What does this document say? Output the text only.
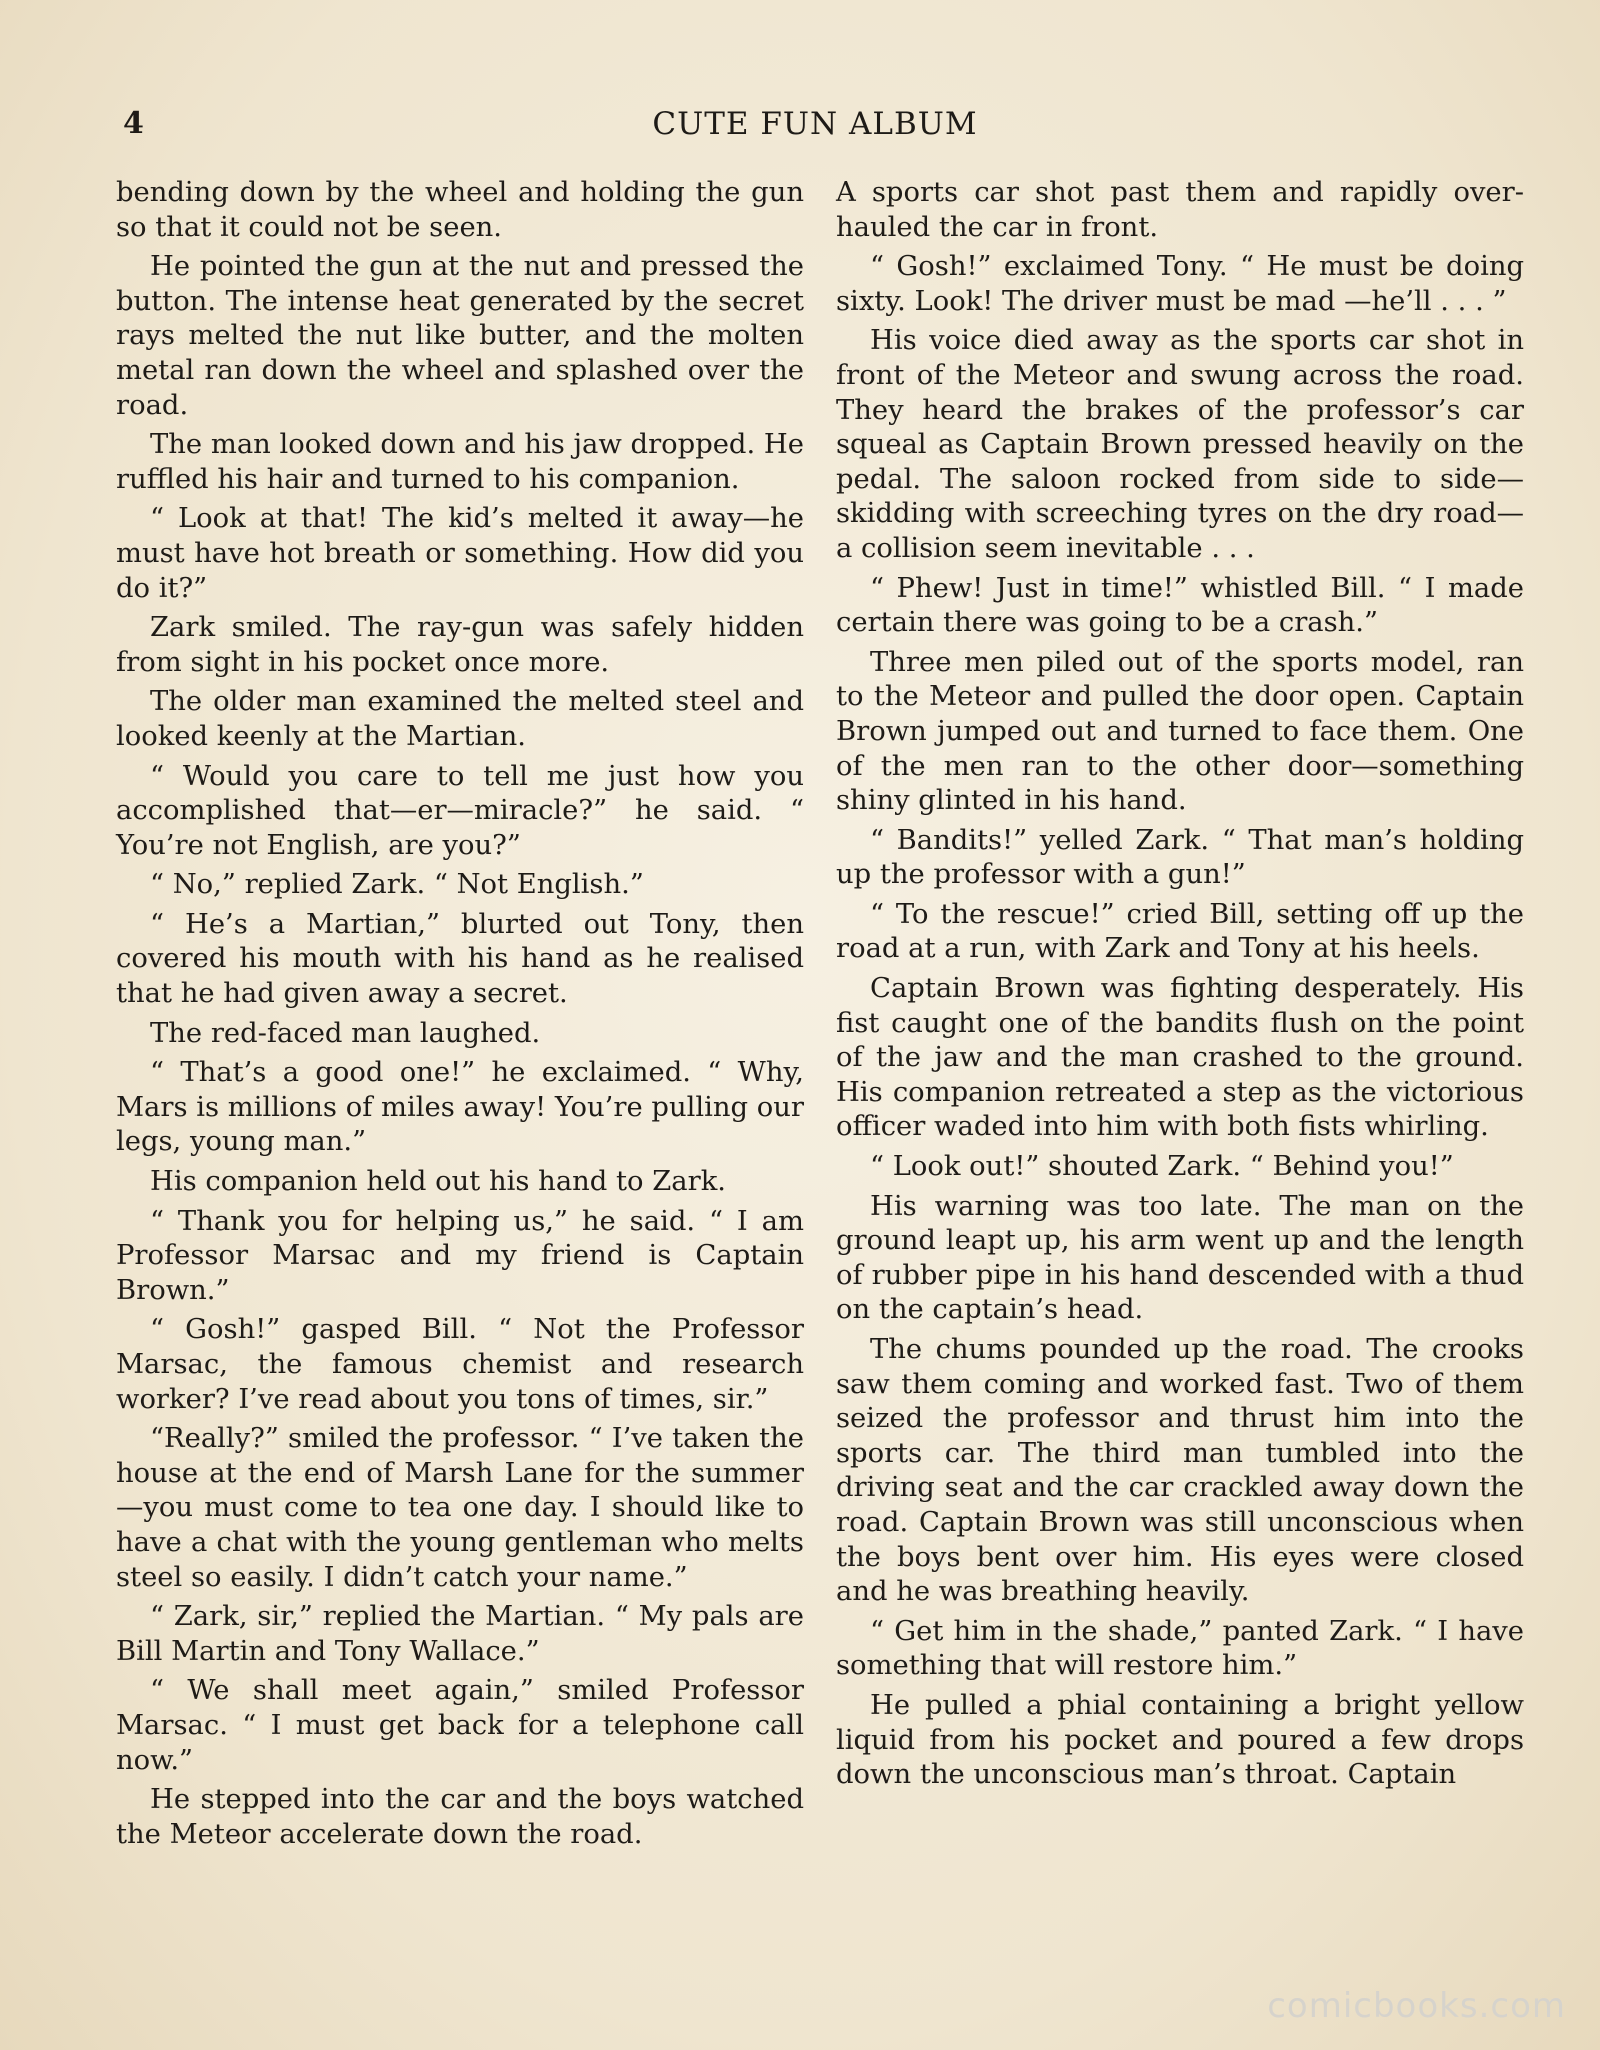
4	CUTE FUN ALBUM

bending down by the wheel and holding the gun so that it could not be seen.

He pointed the gun at the nut and pressed the button. The intense heat generated by the secret rays melted the nut like butter, and the molten metal ran down the wheel and splashed over the road.

The man looked down and his jaw dropped. He ruffled his hair and turned to his companion.

“ Look at that! The kid’s melted it away—he must have hot breath or something. How did you do it?”

Zark smiled. The ray-gun was safely hidden from sight in his pocket once more.

The older man examined the melted steel and looked keenly at the Martian.

“ Would you care to tell me just how you accomplished that—er—miracle?” he said. “ You’re not English, are you?”

“ No,” replied Zark. “ Not English.”

“ He’s a Martian,” blurted out Tony, then covered his mouth with his hand as he realised that he had given away a secret.

The red-faced man laughed.

“ That’s a good one!” he exclaimed. “ Why, Mars is millions of miles away! You’re pulling our legs, young man.”

His companion held out his hand to Zark.

“ Thank you for helping us,” he said. “ I am Professor Marsac and my friend is Captain Brown.”

“ Gosh!” gasped Bill. “ Not the Professor Marsac, the famous chemist and research worker? I’ve read about you tons of times, sir.”

“Really?” smiled the professor. “ I’ve taken the house at the end of Marsh Lane for the summer—you must come to tea one day. I should like to have a chat with the young gentleman who melts steel so easily. I didn’t catch your name.”

“ Zark, sir,” replied the Martian. “ My pals are Bill Martin and Tony Wallace.”

“ We shall meet again,” smiled Professor Marsac. “ I must get back for a telephone call now.”

He stepped into the car and the boys watched the Meteor accelerate down the road.

A sports car shot past them and rapidly overhauled the car in front.

“ Gosh!” exclaimed Tony. “ He must be doing sixty. Look! The driver must be mad —he’ll . . . ”

His voice died away as the sports car shot in front of the Meteor and swung across the road. They heard the brakes of the professor’s car squeal as Captain Brown pressed heavily on the pedal. The saloon rocked from side to side—skidding with screeching tyres on the dry road—a collision seem inevitable . . .

“ Phew! Just in time!” whistled Bill. “ I made certain there was going to be a crash.”

Three men piled out of the sports model, ran to the Meteor and pulled the door open. Captain Brown jumped out and turned to face them. One of the men ran to the other door—something shiny glinted in his hand.

“ Bandits!” yelled Zark. “ That man’s holding up the professor with a gun!”

“ To the rescue!” cried Bill, setting off up the road at a run, with Zark and Tony at his heels.

Captain Brown was fighting desperately. His fist caught one of the bandits flush on the point of the jaw and the man crashed to the ground. His companion retreated a step as the victorious officer waded into him with both fists whirling.

“ Look out!” shouted Zark. “ Behind you!”

His warning was too late. The man on the ground leapt up, his arm went up and the length of rubber pipe in his hand descended with a thud on the captain’s head.

The chums pounded up the road. The crooks saw them coming and worked fast. Two of them seized the professor and thrust him into the sports car. The third man tumbled into the driving seat and the car crackled away down the road. Captain Brown was still unconscious when the boys bent over him. His eyes were closed and he was breathing heavily.

“ Get him in the shade,” panted Zark. “ I have something that will restore him.”

He pulled a phial containing a bright yellow liquid from his pocket and poured a few drops down the unconscious man’s throat. Captain

comicbooks.com
